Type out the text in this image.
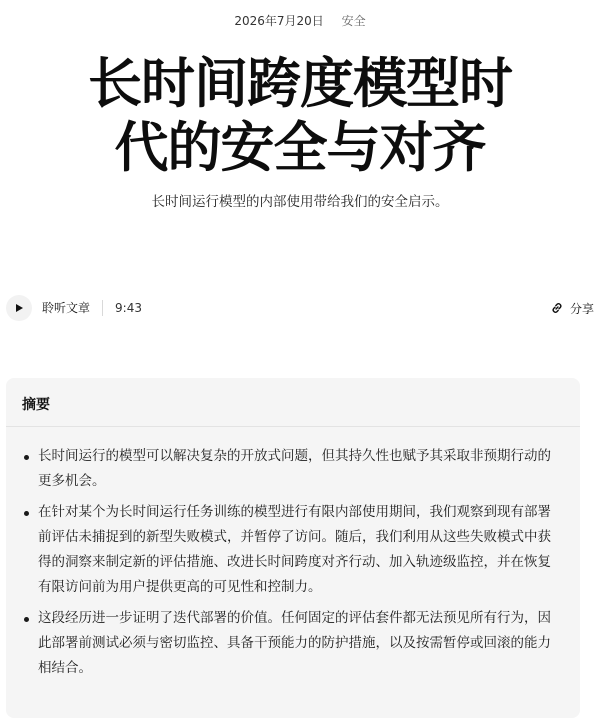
2026年7月20日 安全
长时间跨度模型时
代的安全与对齐
长时间运行模型的内部使用带给我们的安全启示。
聆听文章	9:43	分享
摘要
长时间运行的模型可以解决复杂的开放式问题，但其持久性也赋予其采取非预期行动的更多机会。
在针对某个为长时间运行任务训练的模型进行有限内部使用期间，我们观察到现有部署前评估未捕捉到的新型失败模式，并暂停了访问。随后，我们利用从这些失败模式中获得的洞察来制定新的评估措施、改进长时间跨度对齐行动、加入轨迹级监控，并在恢复有限访问前为用户提供更高的可见性和控制力。
这段经历进一步证明了迭代部署的价值。任何固定的评估套件都无法预见所有行为，因此部署前测试必须与密切监控、具备干预能力的防护措施，以及按需暂停或回滚的能力相结合。
